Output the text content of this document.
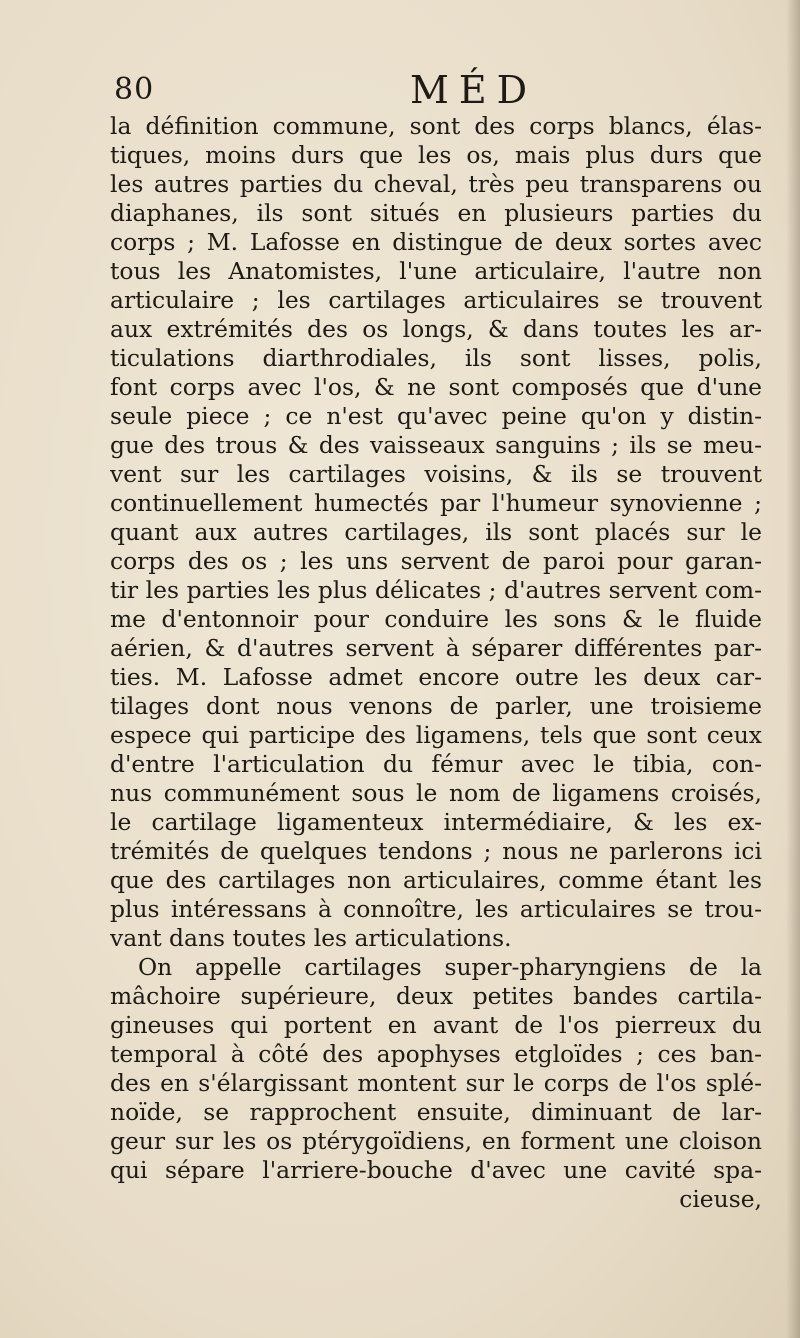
80	MÉD
la définition commune, sont des corps blancs, élas-
tiques, moins durs que les os, mais plus durs que
les autres parties du cheval, très peu transparens ou
diaphanes, ils sont situés en plusieurs parties du
corps ; M. Lafosse en distingue de deux sortes avec
tous les Anatomistes, l'une articulaire, l'autre non
articulaire ; les cartilages articulaires se trouvent
aux extrémités des os longs, & dans toutes les ar-
ticulations diarthrodiales, ils sont lisses, polis,
font corps avec l'os, & ne sont composés que d'une
seule piece ; ce n'est qu'avec peine qu'on y distin-
gue des trous & des vaisseaux sanguins ; ils se meu-
vent sur les cartilages voisins, & ils se trouvent
continuellement humectés par l'humeur synovienne ;
quant aux autres cartilages, ils sont placés sur le
corps des os ; les uns servent de paroi pour garan-
tir les parties les plus délicates ; d'autres servent com-
me d'entonnoir pour conduire les sons & le fluide
aérien, & d'autres servent à séparer différentes par-
ties. M. Lafosse admet encore outre les deux car-
tilages dont nous venons de parler, une troisieme
espece qui participe des ligamens, tels que sont ceux
d'entre l'articulation du fémur avec le tibia, con-
nus communément sous le nom de ligamens croisés,
le cartilage ligamenteux intermédiaire, & les ex-
trémités de quelques tendons ; nous ne parlerons ici
que des cartilages non articulaires, comme étant les
plus intéressans à connoître, les articulaires se trou-
vant dans toutes les articulations.
On appelle cartilages super-pharyngiens de la
mâchoire supérieure, deux petites bandes cartila-
gineuses qui portent en avant de l'os pierreux du
temporal à côté des apophyses etgloïdes ; ces ban-
des en s'élargissant montent sur le corps de l'os splé-
noïde, se rapprochent ensuite, diminuant de lar-
geur sur les os ptérygoïdiens, en forment une cloison
qui sépare l'arriere-bouche d'avec une cavité spa-
cieuse,
